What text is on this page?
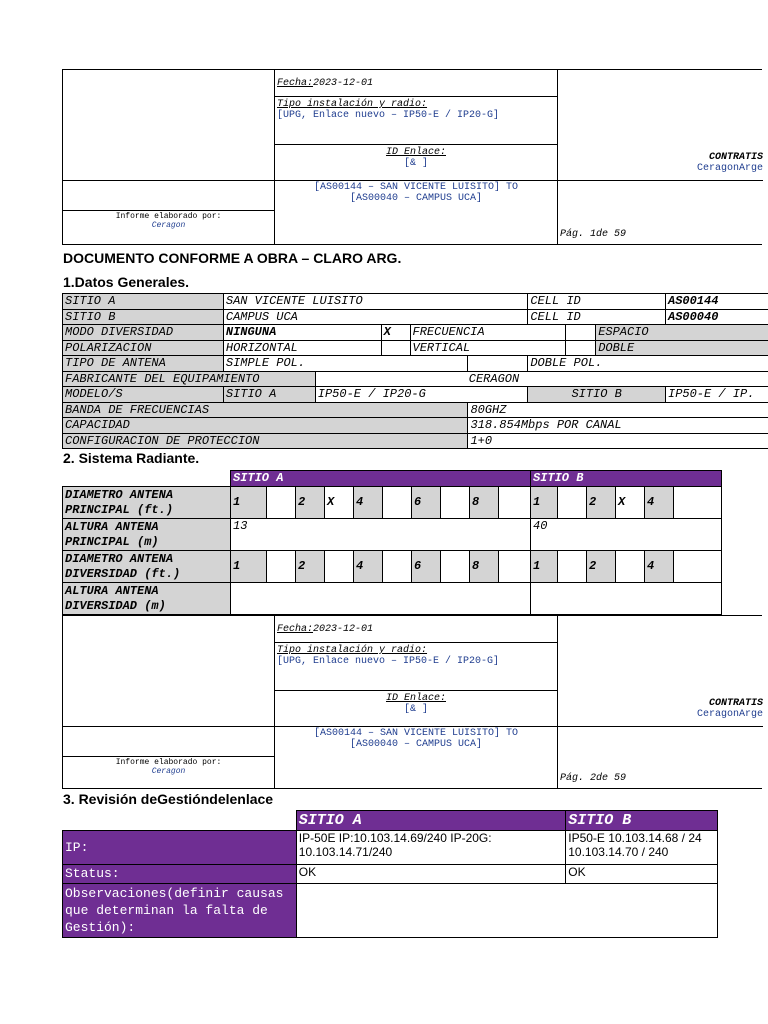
Fecha:2023-12-01
Tipo instalación y radio:
[UPG, Enlace nuevo – IP50-E / IP20-G]
ID Enlace:
[& ]
CONTRATIS
CeragonArge
Informe elaborado por:
Ceragon
[AS00144 – SAN VICENTE LUISITO] TO
[AS00040 – CAMPUS UCA]
Pág. 1de 59
DOCUMENTO CONFORME A OBRA – CLARO ARG.
1.Datos Generales.
SITIO A	SAN VICENTE LUISITO					CELL ID			AS00144
SITIO B	CAMPUS UCA					CELL ID			AS00040
MODO DIVERSIDAD	NINGUNA		X	FRECUENCIA				ESPACIO	
POLARIZACION	HORIZONTAL			VERTICAL				DOBLE	
TIPO DE ANTENA	SIMPLE POL.					DOBLE POL.			
FABRICANTE DEL EQUIPAMIENTO		CERAGON							
MODELO/S	SITIO A	IP50-E / IP20-G				SITIO B			IP50-E / IP.
BANDA DE FRECUENCIAS					80GHZ				
CAPACIDAD					318.854Mbps POR CANAL				
CONFIGURACION DE PROTECCION					1+0				
2. Sistema Radiante.
	SITIO A										SITIO B					
DIAMETRO ANTENA PRINCIPAL (ft.)	1		2	X	4		6		8		1		2	X	4	
ALTURA ANTENA PRINCIPAL (m)	13										40					
DIAMETRO ANTENA DIVERSIDAD (ft.)	1		2		4		6		8		1		2		4	
ALTURA ANTENA DIVERSIDAD (m)																
Fecha:2023-12-01
Tipo instalación y radio:
[UPG, Enlace nuevo – IP50-E / IP20-G]
ID Enlace:
[& ]
CONTRATIS
CeragonArge
Informe elaborado por:
Ceragon
[AS00144 – SAN VICENTE LUISITO] TO
[AS00040 – CAMPUS UCA]
Pág. 2de 59
3. Revisión deGestióndelenlace
	SITIO A	SITIO B
IP:	IP-50E IP:10.103.14.69/240 IP-20G: 10.103.14.71/240	IP50-E 10.103.14.68 / 24 10.103.14.70 / 240
Status:	OK	OK
Observaciones(definir causas que determinan la falta de Gestión):		
